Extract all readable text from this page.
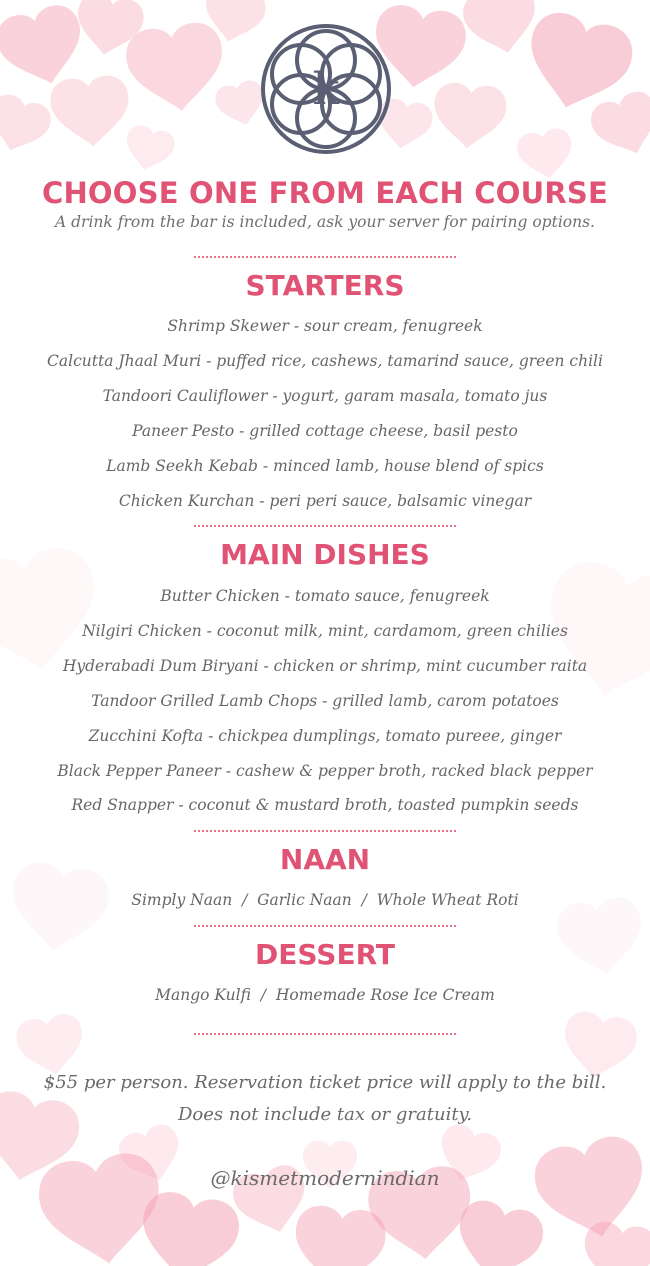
k
CHOOSE ONE FROM EACH COURSE
A drink from the bar is included, ask your server for pairing options.
STARTERS
Shrimp Skewer - sour cream, fenugreek
Calcutta Jhaal Muri - puffed rice, cashews, tamarind sauce, green chili
Tandoori Cauliflower - yogurt, garam masala, tomato jus
Paneer Pesto - grilled cottage cheese, basil pesto
Lamb Seekh Kebab - minced lamb, house blend of spics
Chicken Kurchan - peri peri sauce, balsamic vinegar
MAIN DISHES
Butter Chicken - tomato sauce, fenugreek
Nilgiri Chicken - coconut milk, mint, cardamom, green chilies
Hyderabadi Dum Biryani - chicken or shrimp, mint cucumber raita
Tandoor Grilled Lamb Chops - grilled lamb, carom potatoes
Zucchini Kofta - chickpea dumplings, tomato pureee, ginger
Black Pepper Paneer - cashew & pepper broth, racked black pepper
Red Snapper - coconut & mustard broth, toasted pumpkin seeds
NAAN
Simply Naan  /  Garlic Naan  /  Whole Wheat Roti
DESSERT
Mango Kulfi  /  Homemade Rose Ice Cream
$55 per person. Reservation ticket price will apply to the bill.
Does not include tax or gratuity.
@kismetmodernindian
